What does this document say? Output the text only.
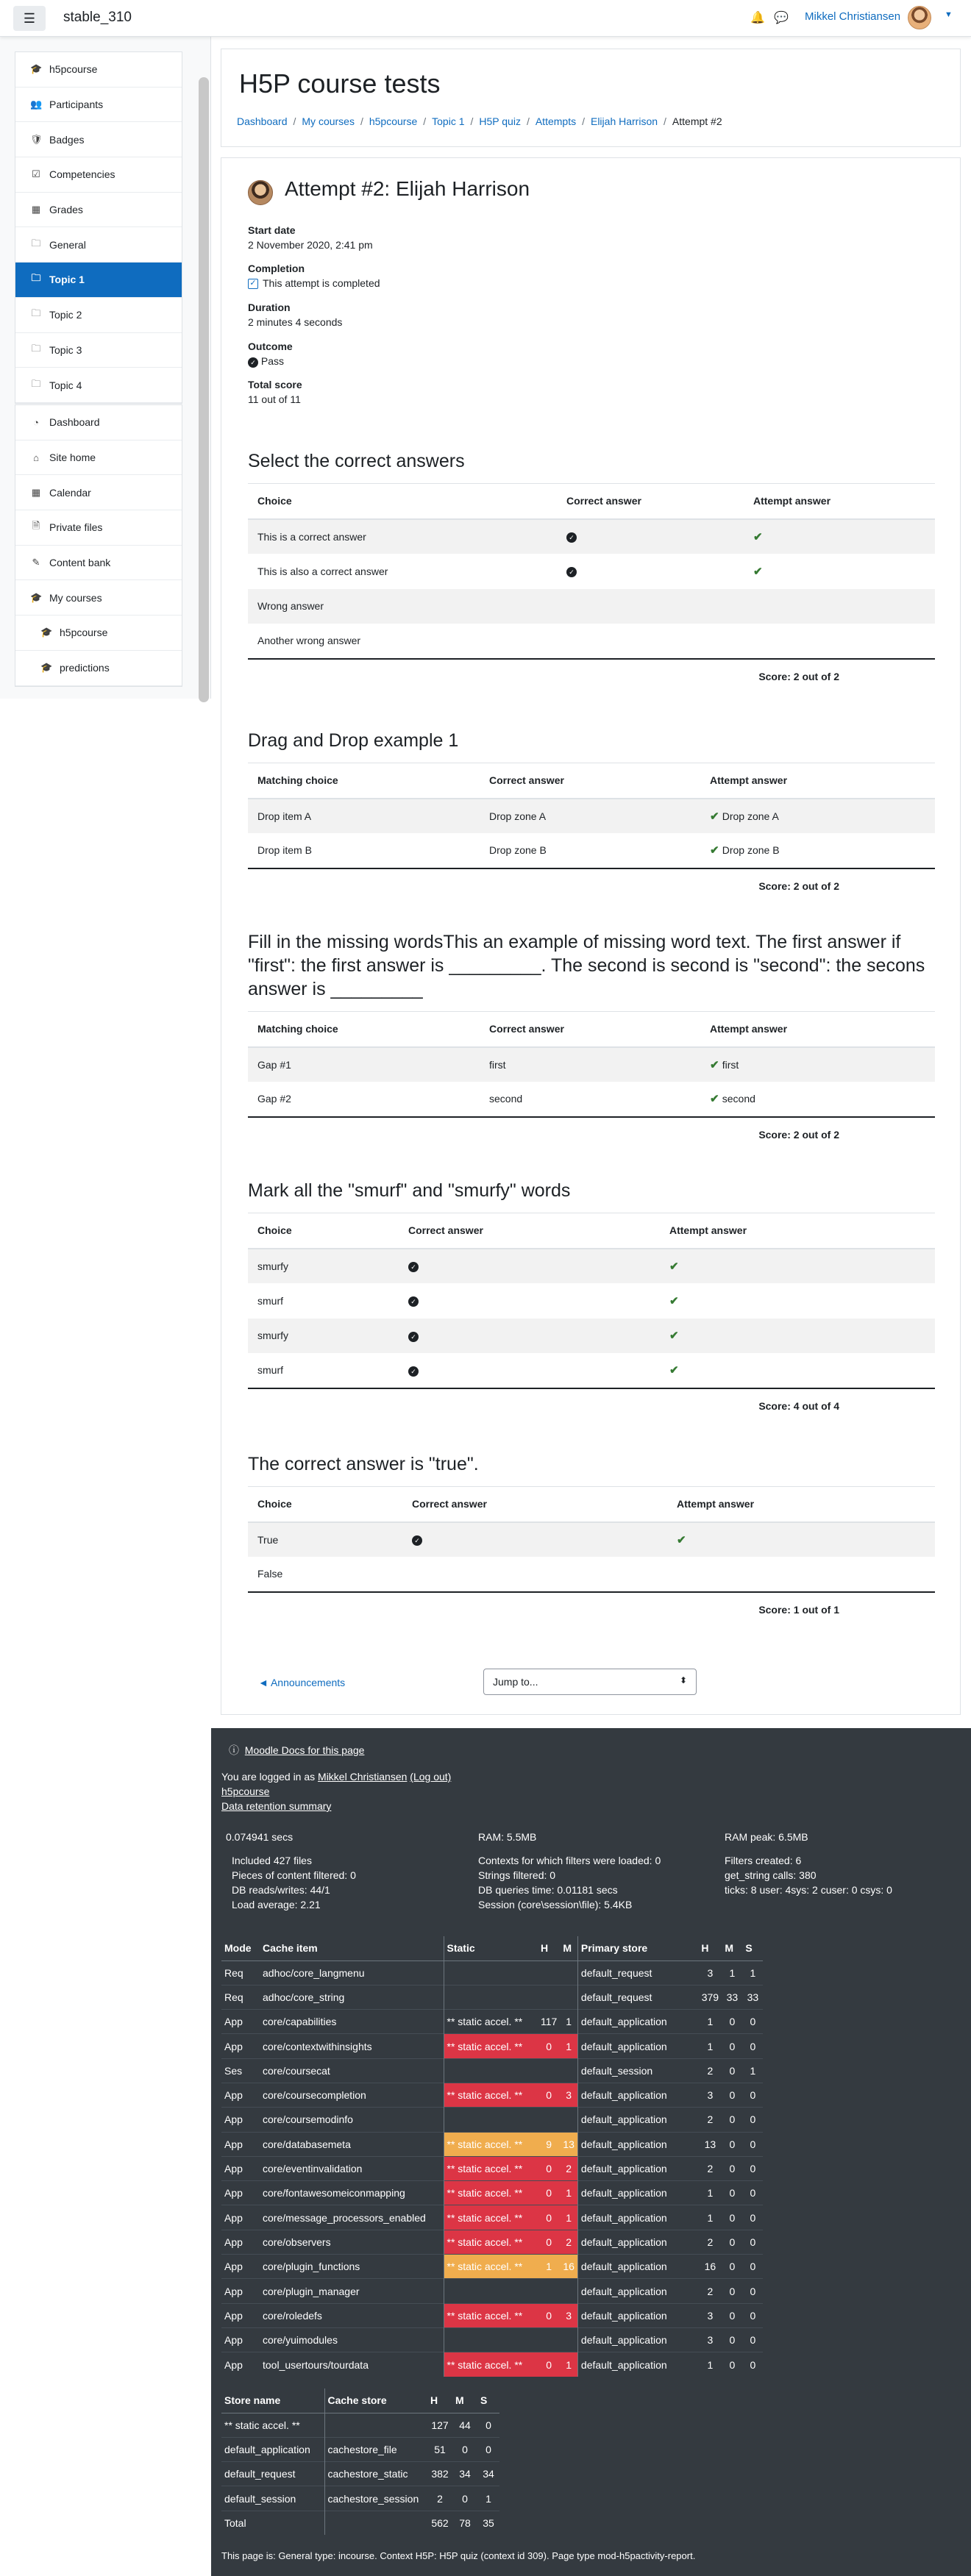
☰ stable_310	🔔 💬 Mikkel Christiansen	▼
🎓 h5pcourse
👥 Participants
🛡 Badges
☑ Competencies
▦ Grades
🗀 General
🗀 Topic 1
🗀 Topic 2
🗀 Topic 3
🗀 Topic 4
◔ Dashboard
⌂ Site home
▦ Calendar
🗎 Private files
✎ Content bank
🎓 My courses
🎓 h5pcourse
🎓 predictions
H5P course tests
Dashboard / My courses / h5pcourse / Topic 1 / H5P quiz / Attempts / Elijah Harrison / Attempt #2
Attempt #2: Elijah Harrison
Start date
2 November 2020, 2:41 pm
Completion
✓ This attempt is completed
Duration
2 minutes 4 seconds
Outcome
✓ Pass
Total score
11 out of 11
Select the correct answers
Choice	Correct answer	Attempt answer
This is a correct answer	✓	✔
This is also a correct answer	✓	✔
Wrong answer		
Another wrong answer		
Score: 2 out of 2		
Drag and Drop example 1
Matching choice	Correct answer	Attempt answer
Drop item A	Drop zone A	✔ Drop zone A
Drop item B	Drop zone B	✔ Drop zone B
Score: 2 out of 2		
Fill in the missing wordsThis an example of missing word text. The first answer if "first": the first answer is _________. The second is second is "second": the secons answer is _________
Matching choice	Correct answer	Attempt answer
Gap #1	first	✔ first
Gap #2	second	✔ second
Score: 2 out of 2		
Mark all the "smurf" and "smurfy" words
Choice	Correct answer	Attempt answer
smurfy	✓	✔
smurf	✓	✔
smurfy	✓	✔
smurf	✓	✔
Score: 4 out of 4		
The correct answer is "true".
Choice	Correct answer	Attempt answer
True	✓	✔
False		
Score: 1 out of 1		
◄ Announcements	Jump to...	⬍
ⓘ Moodle Docs for this page
You are logged in as Mikkel Christiansen (Log out)
h5pcourse
Data retention summary
0.074941 secs	RAM: 5.5MB	RAM peak: 6.5MB
Included 427 files	Contexts for which filters were loaded: 0	Filters created: 6
Pieces of content filtered: 0	Strings filtered: 0	get_string calls: 380
DB reads/writes: 44/1	DB queries time: 0.01181 secs	ticks: 8 user: 4sys: 2 cuser: 0 csys: 0
Load average: 2.21	Session (core\session\file): 5.4KB
Mode	Cache item	Static	H	M	Primary store	H	M	S
Req	adhoc/core_langmenu				default_request	3	1	1
Req	adhoc/core_string				default_request	379	33	33
App	core/capabilities	** static accel. **	117	1	default_application	1	0	0
App	core/contextwithinsights	** static accel. **	0	1	default_application	1	0	0
Ses	core/coursecat				default_session	2	0	1
App	core/coursecompletion	** static accel. **	0	3	default_application	3	0	0
App	core/coursemodinfo				default_application	2	0	0
App	core/databasemeta	** static accel. **	9	13	default_application	13	0	0
App	core/eventinvalidation	** static accel. **	0	2	default_application	2	0	0
App	core/fontawesomeiconmapping	** static accel. **	0	1	default_application	1	0	0
App	core/message_processors_enabled	** static accel. **	0	1	default_application	1	0	0
App	core/observers	** static accel. **	0	2	default_application	2	0	0
App	core/plugin_functions	** static accel. **	1	16	default_application	16	0	0
App	core/plugin_manager				default_application	2	0	0
App	core/roledefs	** static accel. **	0	3	default_application	3	0	0
App	core/yuimodules				default_application	3	0	0
App	tool_usertours/tourdata	** static accel. **	0	1	default_application	1	0	0
Store name	Cache store	H	M	S
** static accel. **		127	44	0
default_application	cachestore_file	51	0	0
default_request	cachestore_static	382	34	34
default_session	cachestore_session	2	0	1
Total		562	78	35
This page is: General type: incourse. Context H5P: H5P quiz (context id 309). Page type mod-h5pactivity-report.
